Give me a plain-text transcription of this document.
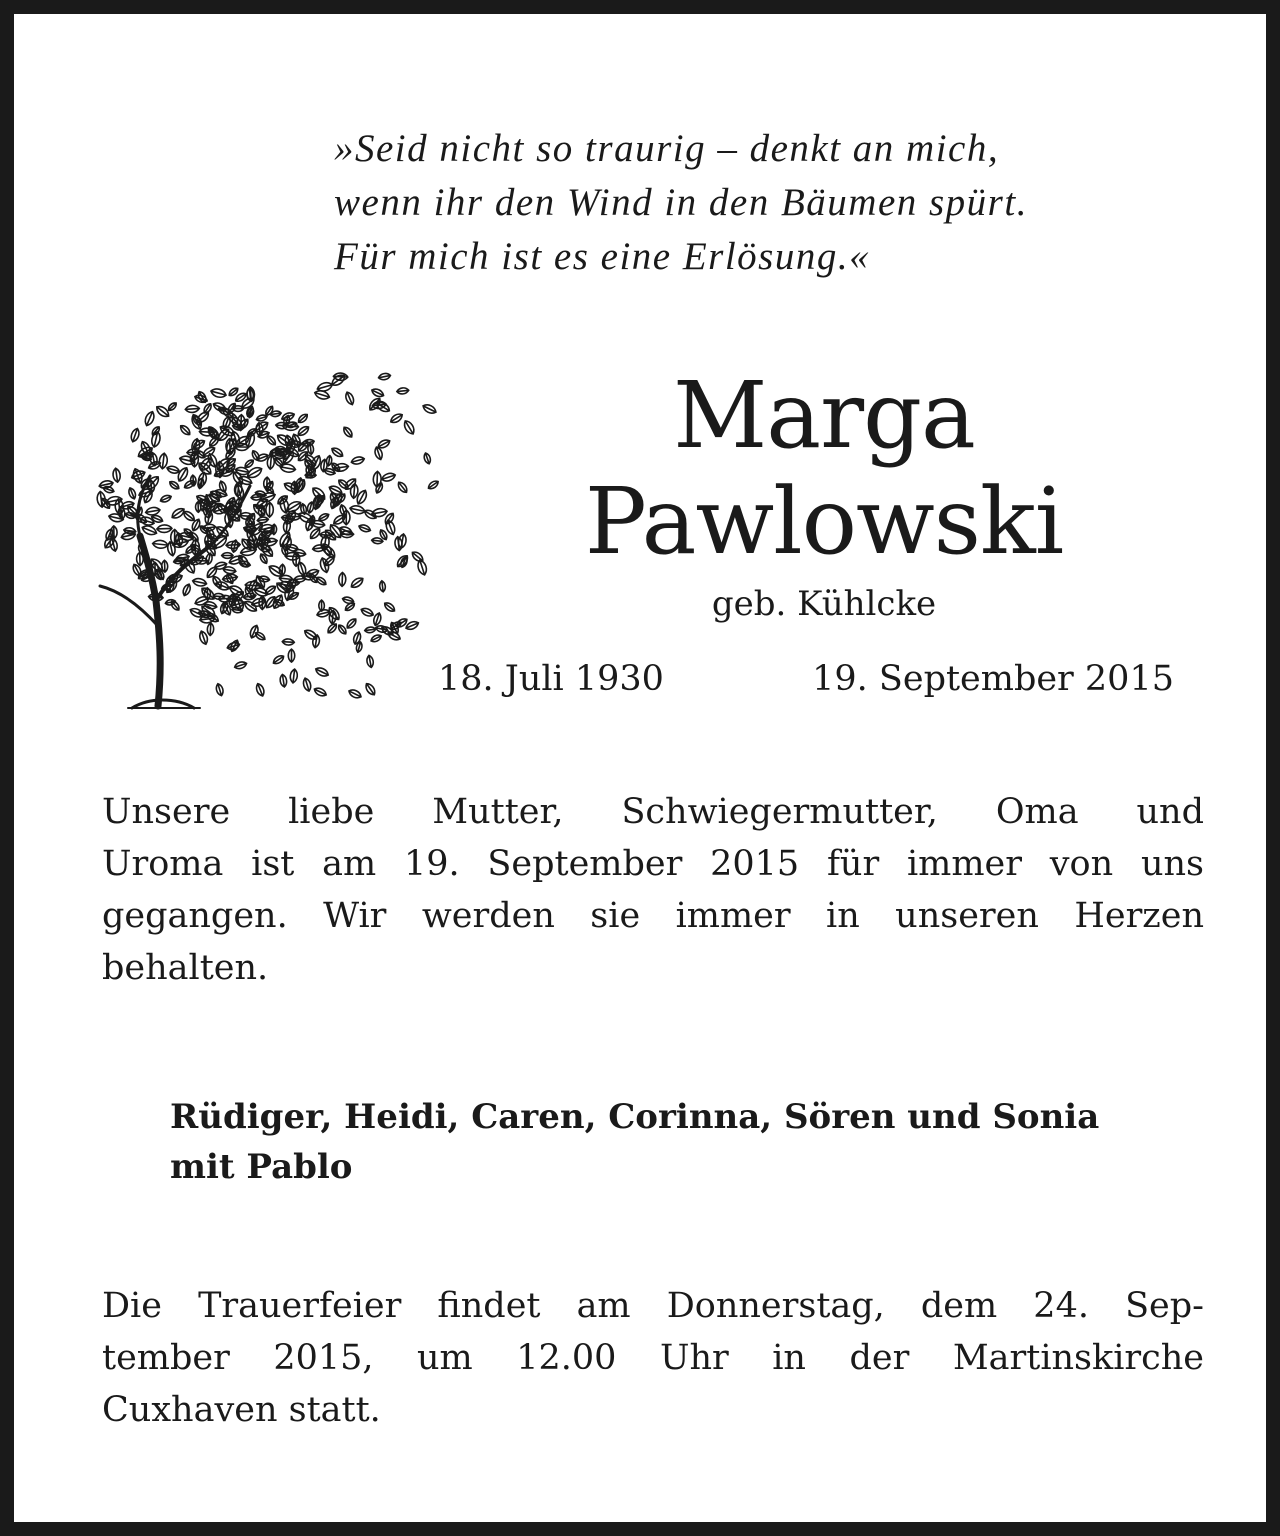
»Seid nicht so traurig – denkt an mich,
wenn ihr den Wind in den Bäumen spürt.
Für mich ist es eine Erlösung.«
Marga
Pawlowski
geb. Kühlcke
18. Juli 1930	19. September 2015
Unsere liebe Mutter, Schwiegermutter, Oma und
Uroma ist am 19. September 2015 für immer von uns
gegangen. Wir werden sie immer in unseren Herzen
behalten.
Rüdiger, Heidi, Caren, Corinna, Sören und Sonia
mit Pablo
Die Trauerfeier findet am Donnerstag, dem 24. Sep-
tember 2015, um 12.00 Uhr in der Martinskirche
Cuxhaven statt.
